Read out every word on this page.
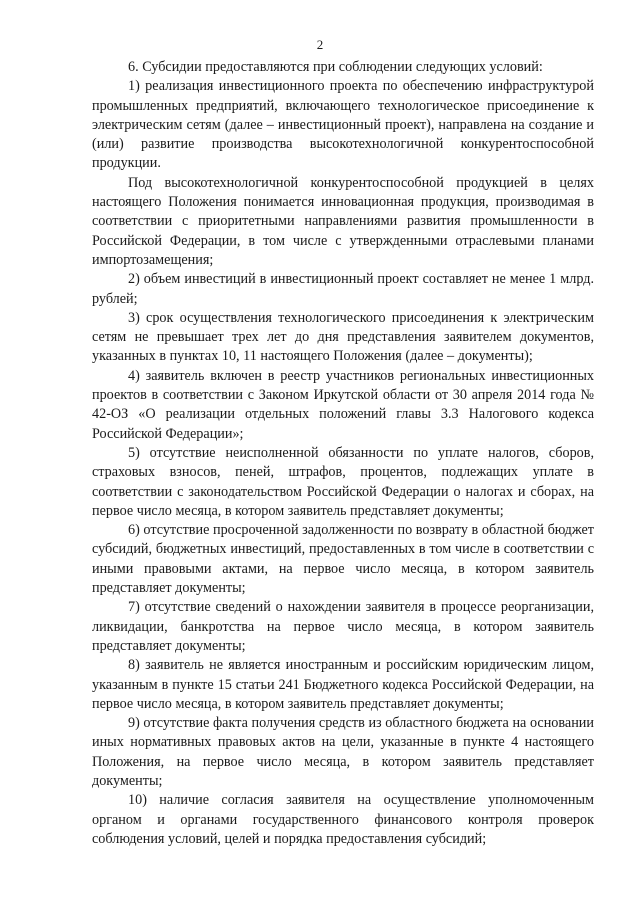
2

6. Субсидии предоставляются при соблюдении следующих условий:

1) реализация инвестиционного проекта по обеспечению инфраструктурой промышленных предприятий, включающего технологическое присоединение к электрическим сетям (далее – инвестиционный проект), направлена на создание и (или) развитие производства высокотехнологичной конкурентоспособной продукции.

Под высокотехнологичной конкурентоспособной продукцией в целях настоящего Положения понимается инновационная продукция, производимая в соответствии с приоритетными направлениями развития промышленности в Российской Федерации, в том числе с утвержденными отраслевыми планами импортозамещения;

2) объем инвестиций в инвестиционный проект составляет не менее 1 млрд. рублей;

3) срок осуществления технологического присоединения к электрическим сетям не превышает трех лет до дня представления заявителем документов, указанных в пунктах 10, 11 настоящего Положения (далее – документы);

4) заявитель включен в реестр участников региональных инвестиционных проектов в соответствии с Законом Иркутской области от 30 апреля 2014 года № 42-ОЗ «О реализации отдельных положений главы 3.3 Налогового кодекса Российской Федерации»;

5) отсутствие неисполненной обязанности по уплате налогов, сборов, страховых взносов, пеней, штрафов, процентов, подлежащих уплате в соответствии с законодательством Российской Федерации о налогах и сборах, на первое число месяца, в котором заявитель представляет документы;

6) отсутствие просроченной задолженности по возврату в областной бюджет субсидий, бюджетных инвестиций, предоставленных в том числе в соответствии с иными правовыми актами, на первое число месяца, в котором заявитель представляет документы;

7) отсутствие сведений о нахождении заявителя в процессе реорганизации, ликвидации, банкротства на первое число месяца, в котором заявитель представляет документы;

8) заявитель не является иностранным и российским юридическим лицом, указанным в пункте 15 статьи 241 Бюджетного кодекса Российской Федерации, на первое число месяца, в котором заявитель представляет документы;

9) отсутствие факта получения средств из областного бюджета на основании иных нормативных правовых актов на цели, указанные в пункте 4 настоящего Положения, на первое число месяца, в котором заявитель представляет документы;

10) наличие согласия заявителя на осуществление уполномоченным органом и органами государственного финансового контроля проверок соблюдения условий, целей и порядка предоставления субсидий;
